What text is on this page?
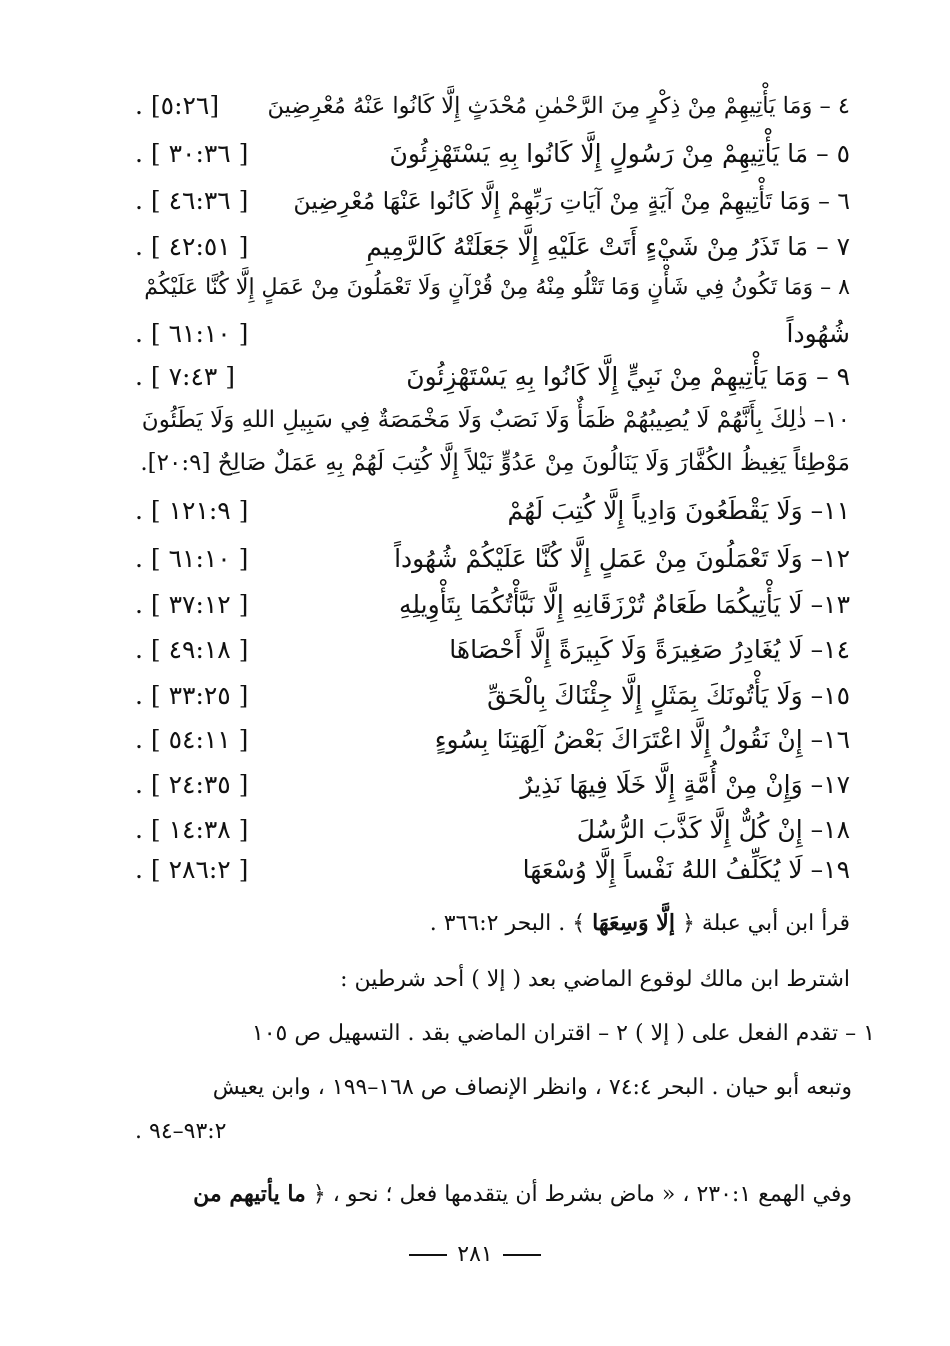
٤ – وَمَا يَأْتِيهِمْ مِنْ ذِكْرٍ مِنَ الرَّحْمٰنِ مُحْدَثٍ إِلَّا كَانُوا عَنْهُ مُعْرِضِينَ
[٥:٢٦] .
٥ – مَا يَأْتِيهِمْ مِنْ رَسُولٍ إِلَّا كَانُوا بِهِ يَسْتَهْزِئُونَ
[ ٣٠:٣٦ ] .
٦ – وَمَا تَأْتِيهِمْ مِنْ آيَةٍ مِنْ آيَاتِ رَبِّهِمْ إِلَّا كَانُوا عَنْهَا مُعْرِضِينَ
[ ٤٦:٣٦ ] .
٧ – مَا تَذَرُ مِنْ شَيْءٍ أَتَتْ عَلَيْهِ إِلَّا جَعَلَتْهُ كَالرَّمِيمِ
[ ٤٢:٥١ ] .
٨ – وَمَا تَكُونُ فِي شَأْنٍ وَمَا تَتْلُو مِنْهُ مِنْ قُرْآنٍ وَلَا تَعْمَلُونَ مِنْ عَمَلٍ إِلَّا كُنَّا عَلَيْكُمْ
شُهُوداً
[ ٦١:١٠ ] .
٩ – وَمَا يَأْتِيهِمْ مِنْ نَبِيٍّ إِلَّا كَانُوا بِهِ يَسْتَهْزِئُونَ
[ ٧:٤٣ ] .
١٠– ذٰلِكَ بِأَنَّهُمْ لَا يُصِيبُهُمْ ظَمَأٌ وَلَا نَصَبٌ وَلَا مَخْمَصَةٌ فِي سَبِيلِ اللهِ وَلَا يَطَئُونَ
مَوْطِئاً يَغِيظُ الكُفَّارَ وَلَا يَنَالُونَ مِنْ عَدُوٍّ نَيْلاً إِلَّا كُتِبَ لَهُمْ بِهِ عَمَلٌ صَالِحٌ [٢٠:٩].
١١– وَلَا يَقْطَعُونَ وَادِياً إِلَّا كُتِبَ لَهُمْ
[ ١٢١:٩ ] .
١٢– وَلَا تَعْمَلُونَ مِنْ عَمَلٍ إِلَّا كُنَّا عَلَيْكُمْ شُهُوداً
[ ٦١:١٠ ] .
١٣– لَا يَأْتِيكُمَا طَعَامٌ تُرْزَقَانِهِ إِلَّا نَبَّأْتُكُمَا بِتَأْوِيلِهِ
[ ٣٧:١٢ ] .
١٤– لَا يُغَادِرُ صَغِيرَةً وَلَا كَبِيرَةً إِلَّا أَحْصَاهَا
[ ٤٩:١٨ ] .
١٥– وَلَا يَأْتُونَكَ بِمَثَلٍ إِلَّا جِئْنَاكَ بِالْحَقِّ
[ ٣٣:٢٥ ] .
١٦– إِنْ نَقُولُ إِلَّا اعْتَرَاكَ بَعْضُ آلِهَتِنَا بِسُوءٍ
[ ٥٤:١١ ] .
١٧– وَإِنْ مِنْ أُمَّةٍ إِلَّا خَلَا فِيهَا نَذِيرٌ
[ ٢٤:٣٥ ] .
١٨– إِنْ كُلٌّ إِلَّا كَذَّبَ الرُّسُلَ
[ ١٤:٣٨ ] .
١٩– لَا يُكَلِّفُ اللهُ نَفْساً إِلَّا وُسْعَهَا
[ ٢٨٦:٢ ] .
قرأ ابن أبي عبلة ﴿ إلَّا وَسِعَهَا ﴾ . البحر ٣٦٦:٢ .
اشترط ابن مالك لوقوع الماضي بعد ( إلا ) أحد شرطين :
١ – تقدم الفعل على ( إلا ) ٢ – اقتران الماضي بقد . التسهيل ص ١٠٥
وتبعه أبو حيان . البحر ٧٤:٤ ، وانظر الإنصاف ص ١٦٨–١٩٩ ، وابن يعيش
٩٣:٢–٩٤ .
وفي الهمع ٢٣٠:١ ، « ماض بشرط أن يتقدمها فعل ؛ نحو ، ﴿ ما يأتيهم من
٢٨١
